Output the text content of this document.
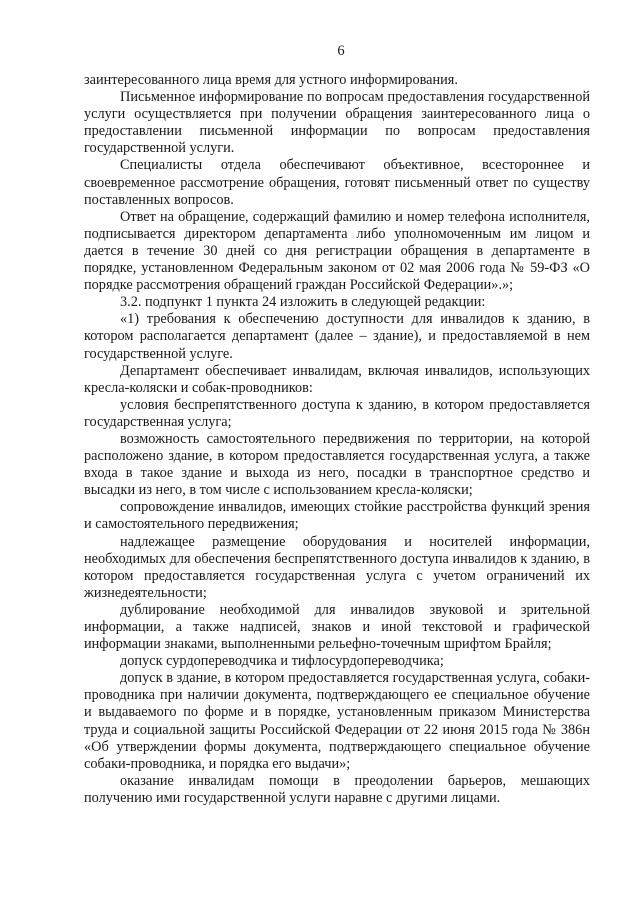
6

заинтересованного лица время для устного информирования.

Письменное информирование по вопросам предоставления государственной услуги осуществляется при получении обращения заинтересованного лица о предоставлении письменной информации по вопросам предоставления государственной услуги.

Специалисты отдела обеспечивают объективное, всестороннее и своевременное рассмотрение обращения, готовят письменный ответ по существу поставленных вопросов.

Ответ на обращение, содержащий фамилию и номер телефона исполнителя, подписывается директором департамента либо уполномоченным им лицом и дается в течение 30 дней со дня регистрации обращения в департаменте в порядке, установленном Федеральным законом от 02 мая 2006 года № 59-ФЗ «О порядке рассмотрения обращений граждан Российской Федерации».»;

3.2. подпункт 1 пункта 24 изложить в следующей редакции:

«1) требования к обеспечению доступности для инвалидов к зданию, в котором располагается департамент (далее – здание), и предоставляемой в нем государственной услуге.

Департамент обеспечивает инвалидам, включая инвалидов, использующих кресла-коляски и собак-проводников:

условия беспрепятственного доступа к зданию, в котором предоставляется государственная услуга;

возможность самостоятельного передвижения по территории, на которой расположено здание, в котором предоставляется государственная услуга, а также входа в такое здание и выхода из него, посадки в транспортное средство и высадки из него, в том числе с использованием кресла-коляски;

сопровождение инвалидов, имеющих стойкие расстройства функций зрения и самостоятельного передвижения;

надлежащее размещение оборудования и носителей информации, необходимых для обеспечения беспрепятственного доступа инвалидов к зданию, в котором предоставляется государственная услуга с учетом ограничений их жизнедеятельности;

дублирование необходимой для инвалидов звуковой и зрительной информации, а также надписей, знаков и иной текстовой и графической информации знаками, выполненными рельефно-точечным шрифтом Брайля;

допуск сурдопереводчика и тифлосурдопереводчика;

допуск в здание, в котором предоставляется государственная услуга, собаки-проводника при наличии документа, подтверждающего ее специальное обучение и выдаваемого по форме и в порядке, установленным приказом Министерства труда и социальной защиты Российской Федерации от 22 июня 2015 года № 386н «Об утверждении формы документа, подтверждающего специальное обучение собаки-проводника, и порядка его выдачи»;

оказание инвалидам помощи в преодолении барьеров, мешающих получению ими государственной услуги наравне с другими лицами.
